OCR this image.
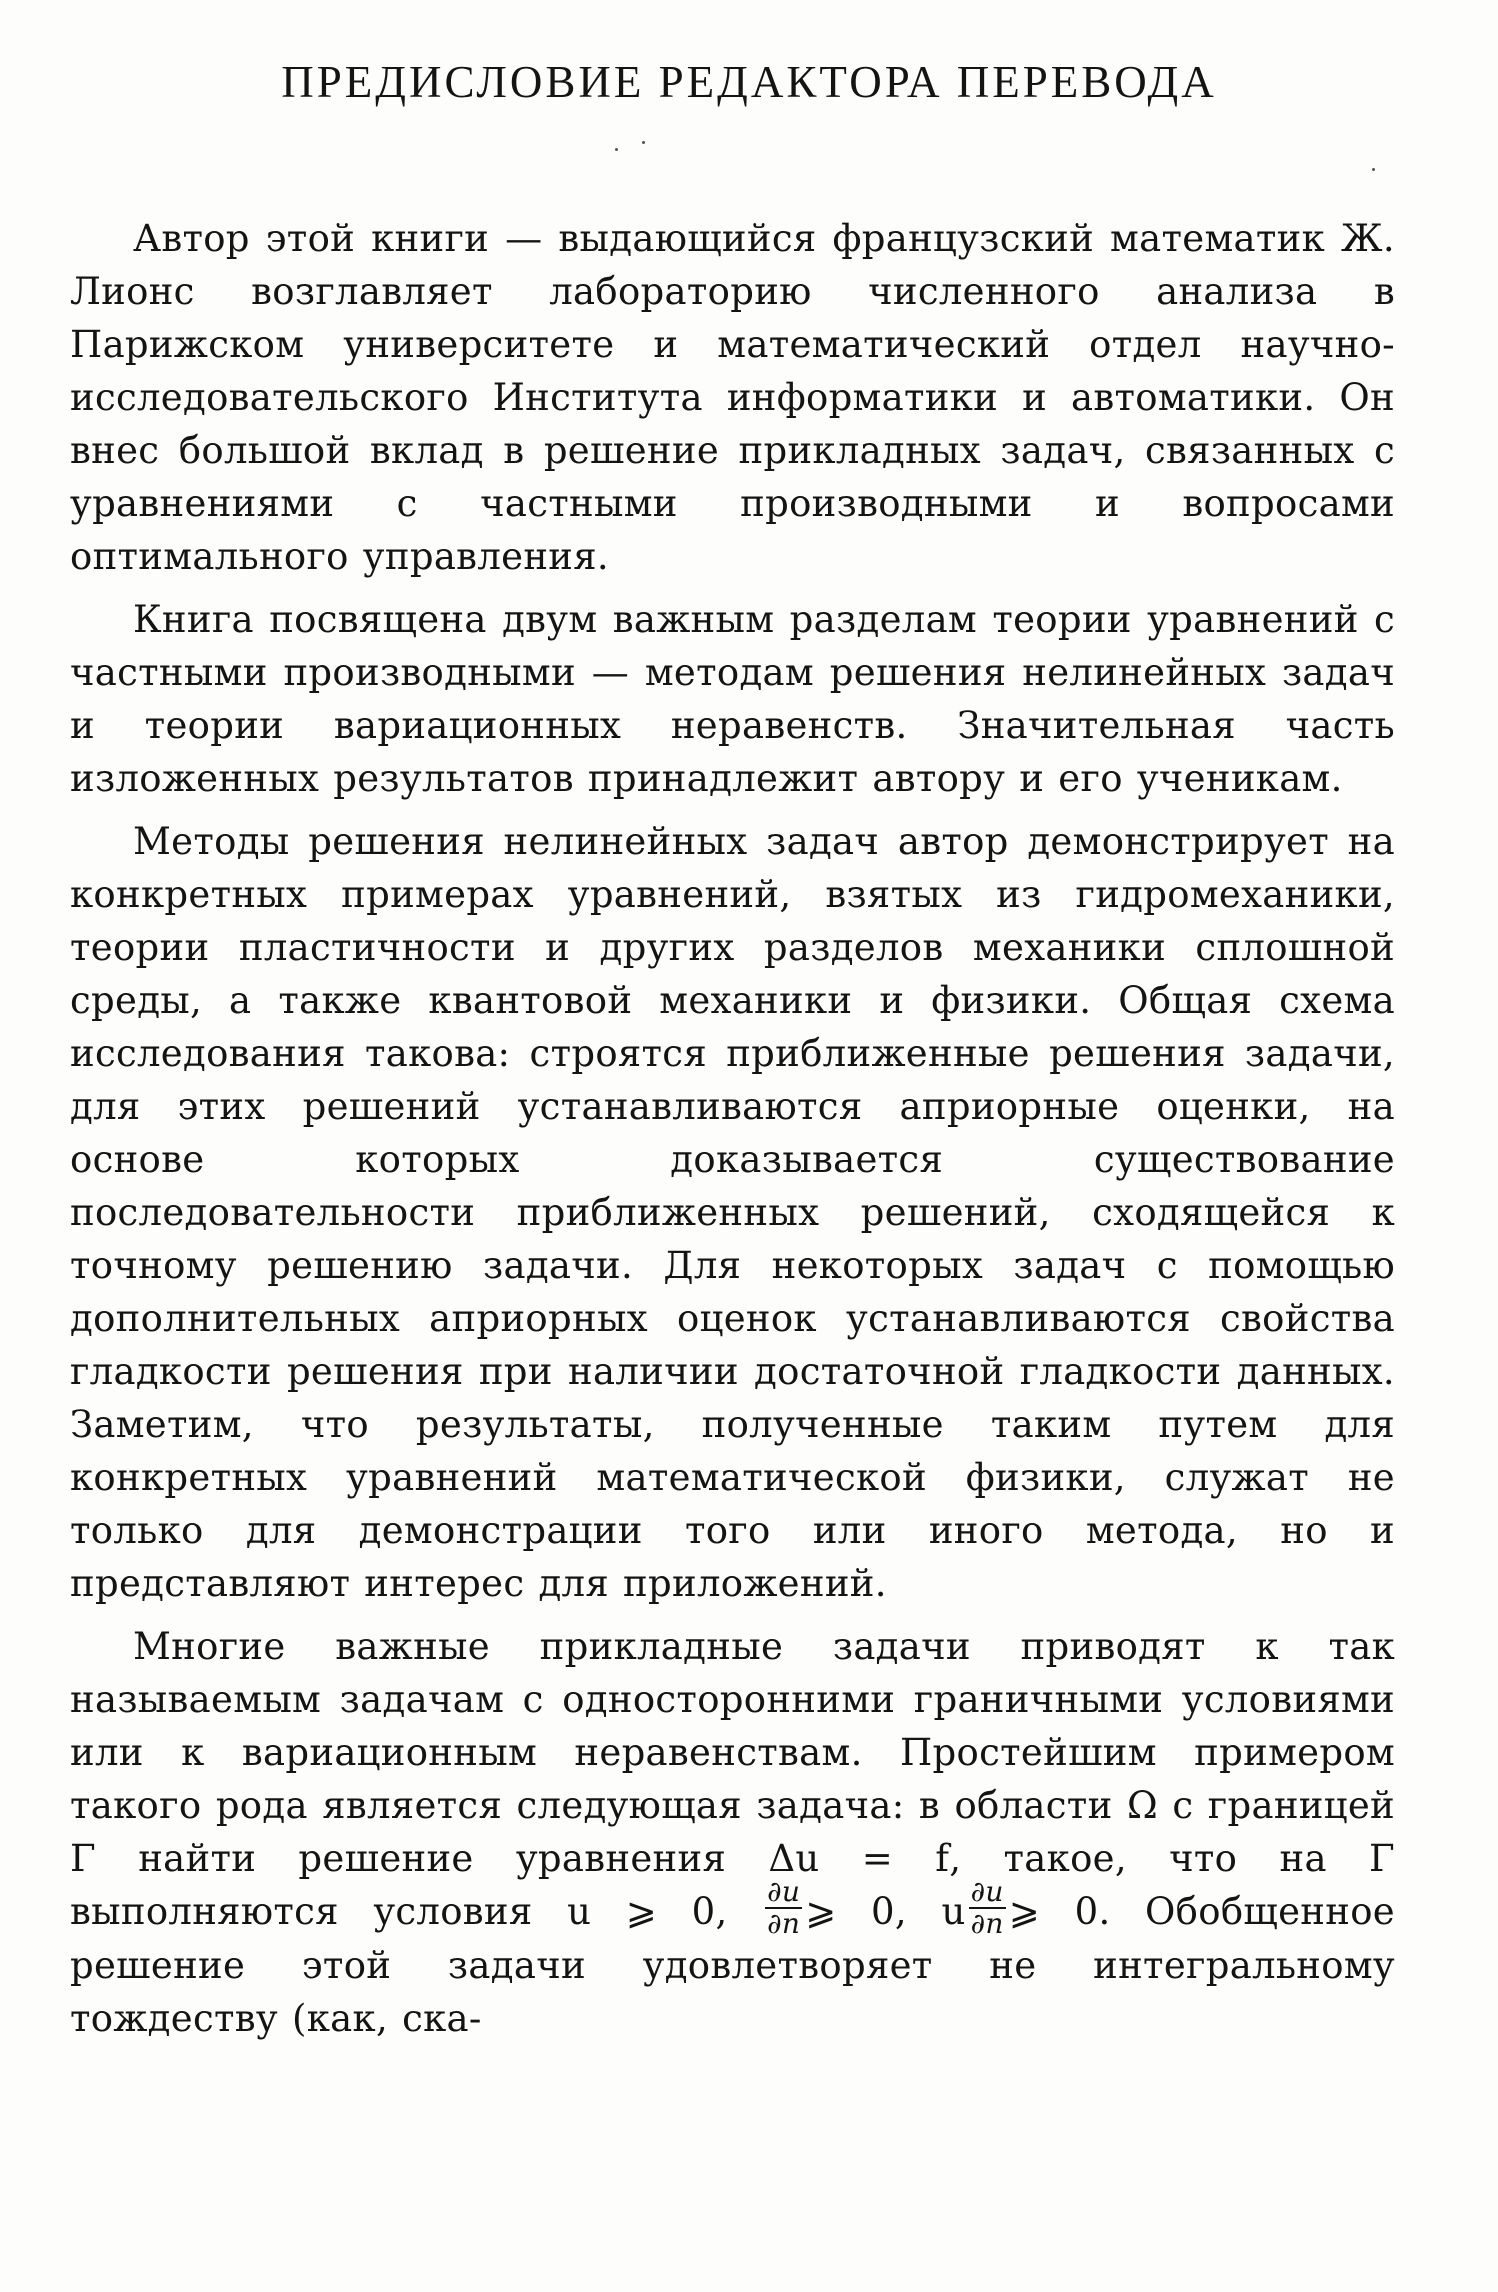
ПРЕДИСЛОВИЕ РЕДАКТОРА ПЕРЕВОДА

Автор этой книги — выдающийся французский математик Ж. Лионс возглавляет лабораторию численного анализа в Парижском университете и математический отдел научно-исследовательского Института информатики и автоматики. Он внес большой вклад в решение прикладных задач, связанных с уравнениями с частными производными и вопросами оптимального управления.

Книга посвящена двум важным разделам теории уравнений с частными производными — методам решения нелинейных задач и теории вариационных неравенств. Значительная часть изложенных результатов принадлежит автору и его ученикам.

Методы решения нелинейных задач автор демонстрирует на конкретных примерах уравнений, взятых из гидромеханики, теории пластичности и других разделов механики сплошной среды, а также квантовой механики и физики. Общая схема исследования такова: строятся приближенные решения задачи, для этих решений устанавливаются априорные оценки, на основе которых доказывается существование последовательности приближенных решений, сходящейся к точному решению задачи. Для некоторых задач с помощью дополнительных априорных оценок устанавливаются свойства гладкости решения при наличии достаточной гладкости данных. Заметим, что результаты, полученные таким путем для конкретных уравнений математической физики, служат не только для демонстрации того или иного метода, но и представляют интерес для приложений.

Многие важные прикладные задачи приводят к так называемым задачам с односторонними граничными условиями или к вариационным неравенствам. Простейшим примером такого рода является следующая задача: в области Ω с границей Γ найти решение уравнения Δu = f, такое, что на Γ выполняются условия u ⩾ 0, $\frac{\partial u}{\partial n}$ ⩾ 0, u $\frac{\partial u}{\partial n}$ ⩾ 0. Обобщенное решение этой задачи удовлетворяет не интегральному тождеству (как, ска-
